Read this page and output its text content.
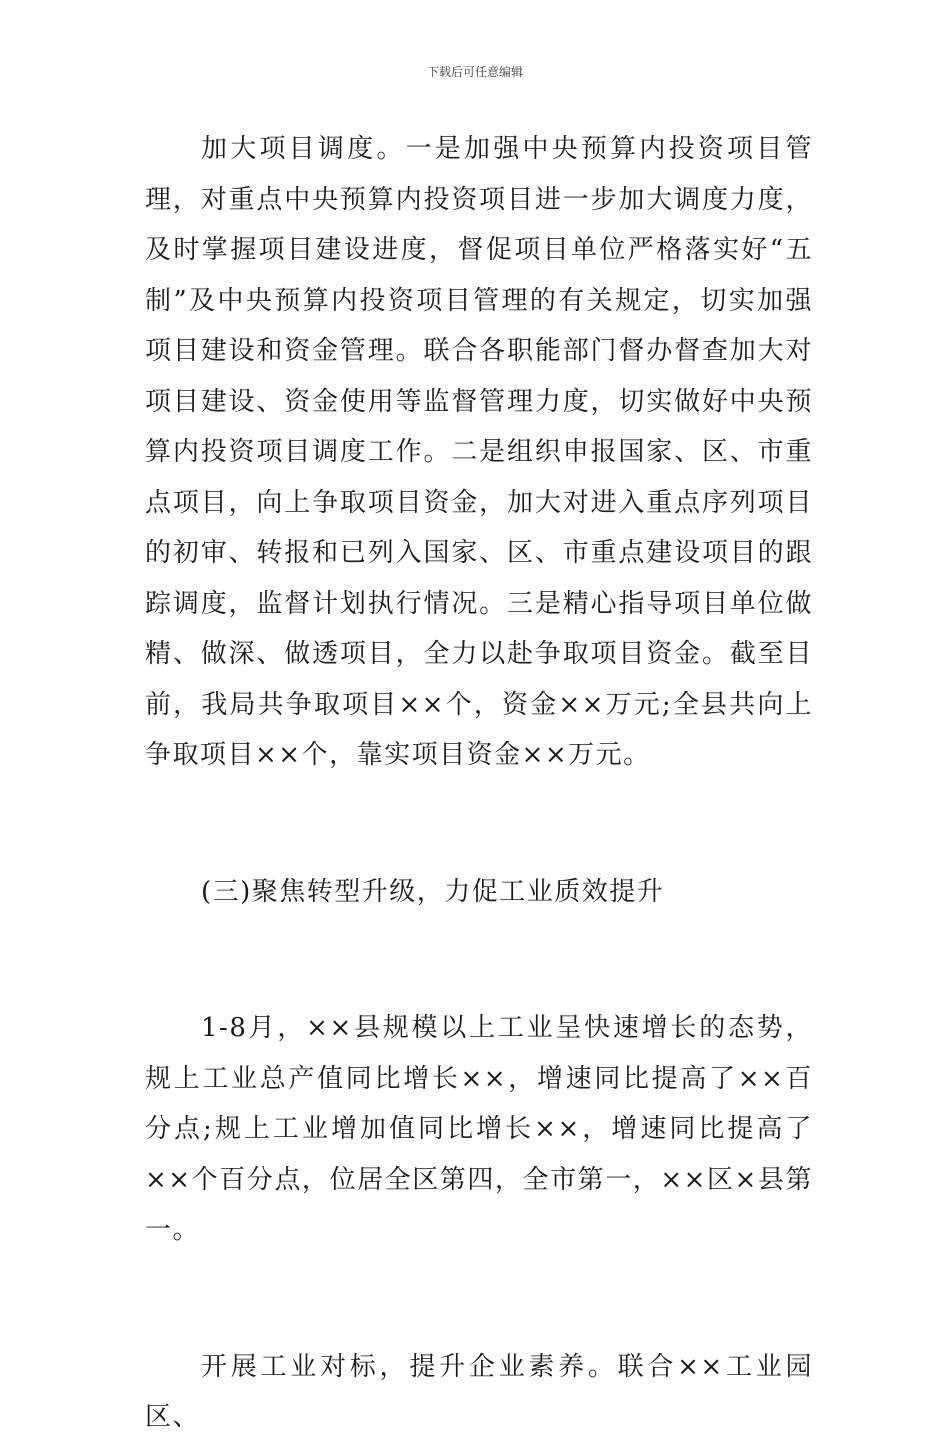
下载后可任意编辑

加大项目调度。一是加强中央预算内投资项目管理，对重点中央预算内投资项目进一步加大调度力度，及时掌握项目建设进度，督促项目单位严格落实好“五制”及中央预算内投资项目管理的有关规定，切实加强项目建设和资金管理。联合各职能部门督办督查加大对项目建设、资金使用等监督管理力度，切实做好中央预算内投资项目调度工作。二是组织申报国家、区、市重点项目，向上争取项目资金，加大对进入重点序列项目的初审、转报和已列入国家、区、市重点建设项目的跟踪调度，监督计划执行情况。三是精心指导项目单位做精、做深、做透项目，全力以赴争取项目资金。截至目前，我局共争取项目××个，资金××万元;全县共向上争取项目××个，靠实项目资金××万元。

(三)聚焦转型升级，力促工业质效提升

1-8月，××县规模以上工业呈快速增长的态势，规上工业总产值同比增长××，增速同比提高了××百分点;规上工业增加值同比增长××，增速同比提高了××个百分点，位居全区第四，全市第一，××区×县第一。

开展工业对标，提升企业素养。联合××工业园区、
